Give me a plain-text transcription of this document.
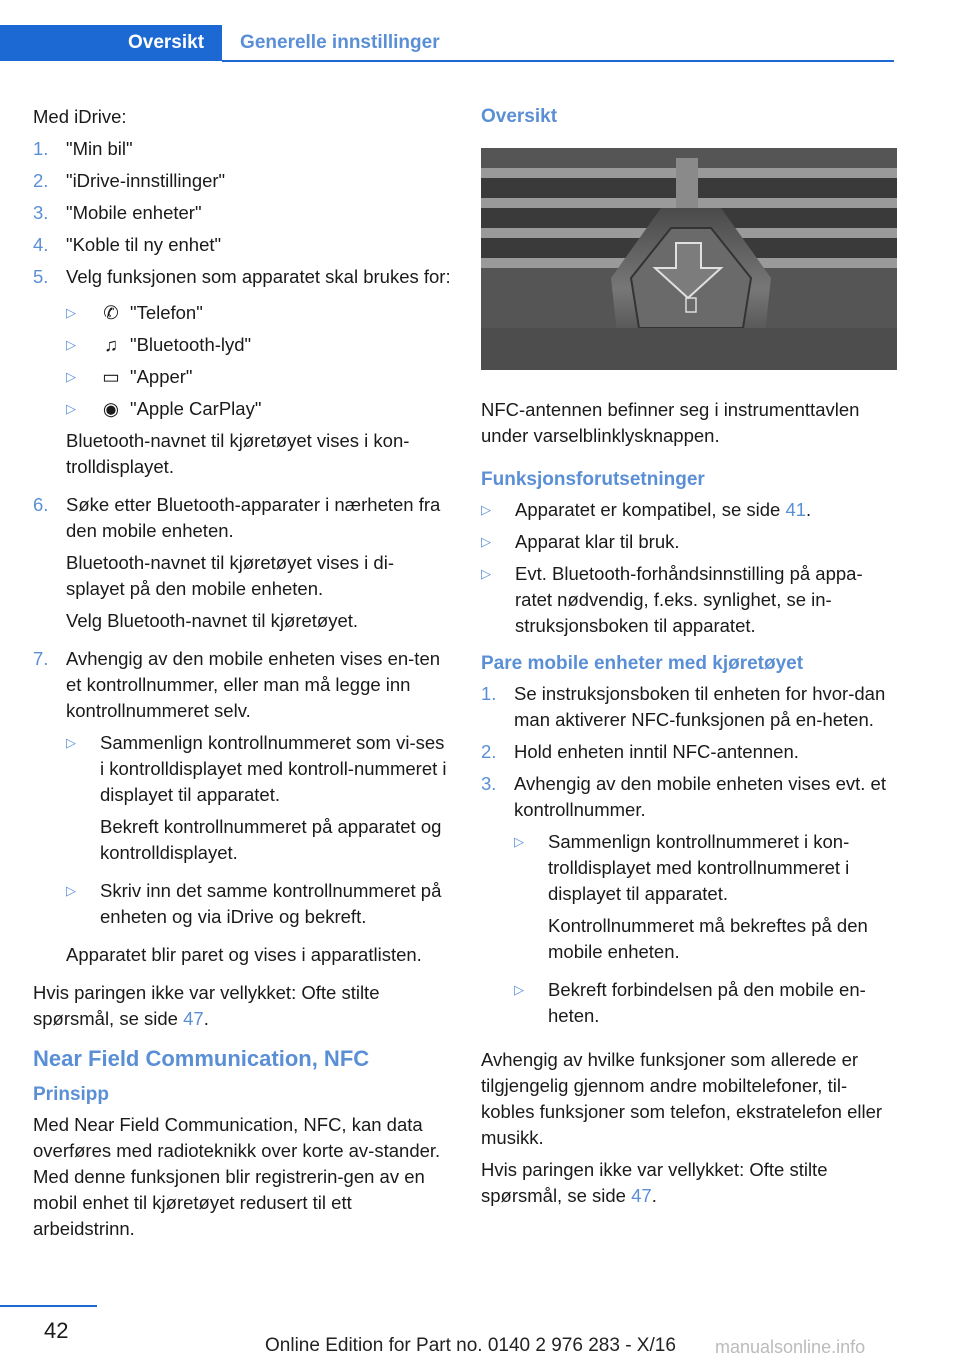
Oversikt	Generelle innstillinger

Med iDrive:

1. "Min bil"
2. "iDrive-innstillinger"
3. "Mobile enheter"
4. "Koble til ny enhet"
5. Velg funksjonen som apparatet skal brukes for:
▷	✆ "Telefon"
▷	♫ "Bluetooth-lyd"
▷	▭ "Apper"
▷	◉ "Apple CarPlay"

Bluetooth-navnet til kjøretøyet vises i kon-trolldisplayet.

6. Søke etter Bluetooth-apparater i nærheten fra den mobile enheten.

Bluetooth-navnet til kjøretøyet vises i di-splayet på den mobile enheten.

Velg Bluetooth-navnet til kjøretøyet.

7. Avhengig av den mobile enheten vises en-ten et kontrollnummer, eller man må legge inn kontrollnummeret selv.

▷	Sammenlign kontrollnummeret som vi-ses i kontrolldisplayet med kontroll-nummeret i displayet til apparatet.

Bekreft kontrollnummeret på apparatet og kontrolldisplayet.

▷	Skriv inn det samme kontrollnummeret på enheten og via iDrive og bekreft.

Apparatet blir paret og vises i apparatlisten.

Hvis paringen ikke var vellykket: Ofte stilte spørsmål, se side 47.

Near Field Communication, NFC
Prinsipp

Med Near Field Communication, NFC, kan data overføres med radioteknikk over korte av-stander. Med denne funksjonen blir registrerin-gen av en mobil enhet til kjøretøyet redusert til ett arbeidstrinn.

Oversikt

NFC-antennen befinner seg i instrumenttavlen under varselblinklysknappen.

Funksjonsforutsetninger
▷	Apparatet er kompatibel, se side 41.
▷	Apparat klar til bruk.
▷	Evt. Bluetooth-forhåndsinnstilling på appa-ratet nødvendig, f.eks. synlighet, se in-struksjonsboken til apparatet.
Pare mobile enheter med kjøretøyet
1. Se instruksjonsboken til enheten for hvor-dan man aktiverer NFC-funksjonen på en-heten.
2. Hold enheten inntil NFC-antennen.
3. Avhengig av den mobile enheten vises evt. et kontrollnummer.

▷	Sammenlign kontrollnummeret i kon-trolldisplayet med kontrollnummeret i displayet til apparatet.

Kontrollnummeret må bekreftes på den mobile enheten.

▷	Bekreft forbindelsen på den mobile en-heten.

Avhengig av hvilke funksjoner som allerede er tilgjengelig gjennom andre mobiltelefoner, til-kobles funksjoner som telefon, ekstratelefon eller musikk.

Hvis paringen ikke var vellykket: Ofte stilte spørsmål, se side 47.

42
Online Edition for Part no. 0140 2 976 283 - X/16 manualsonline.info
